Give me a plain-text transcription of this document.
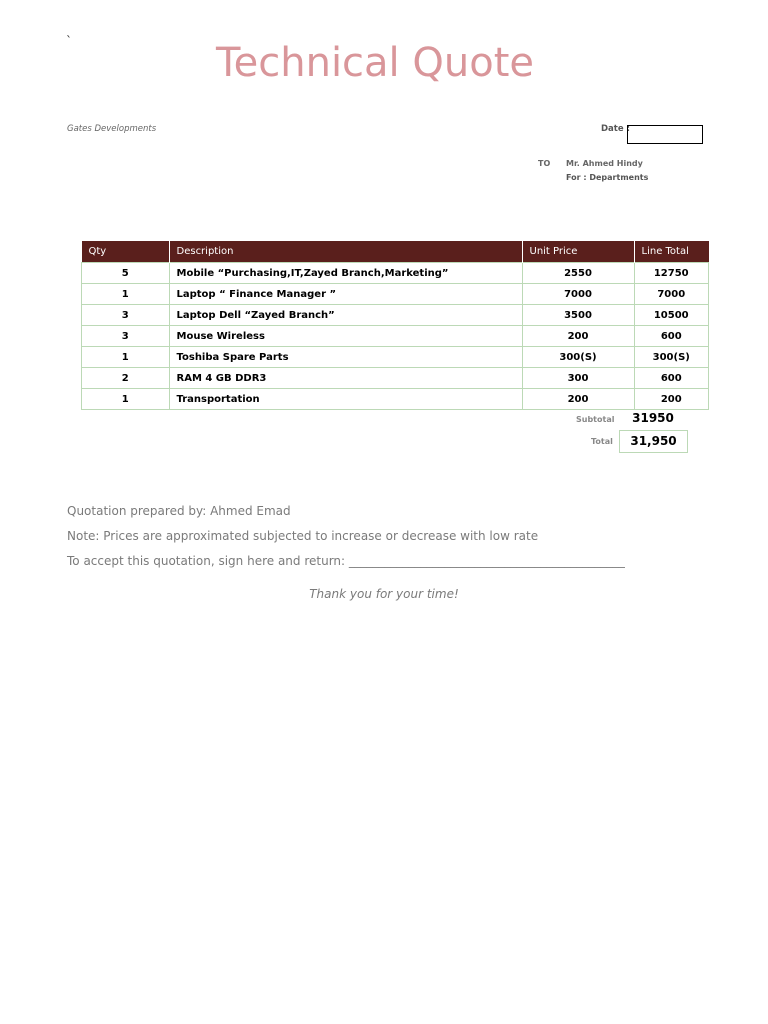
`	Technical Quote
Gates Developments	Date :
TO Mr. Ahmed Hindy
For : Departments
Qty	Description	Unit Price	Line Total
5	Mobile “Purchasing,IT,Zayed Branch,Marketing”	2550	12750
1	Laptop “ Finance Manager ”	7000	7000
3	Laptop Dell “Zayed Branch”	3500	10500
3	Mouse Wireless	200	600
1	Toshiba Spare Parts	300(S)	300(S)
2	RAM 4 GB DDR3	300	600
1	Transportation	200	200
Subtotal	31950
Total	31,950
Quotation prepared by: Ahmed Emad
Note: Prices are approximated subjected to increase or decrease with low rate
To accept this quotation, sign here and return: ______________________________________________
Thank you for your time!
